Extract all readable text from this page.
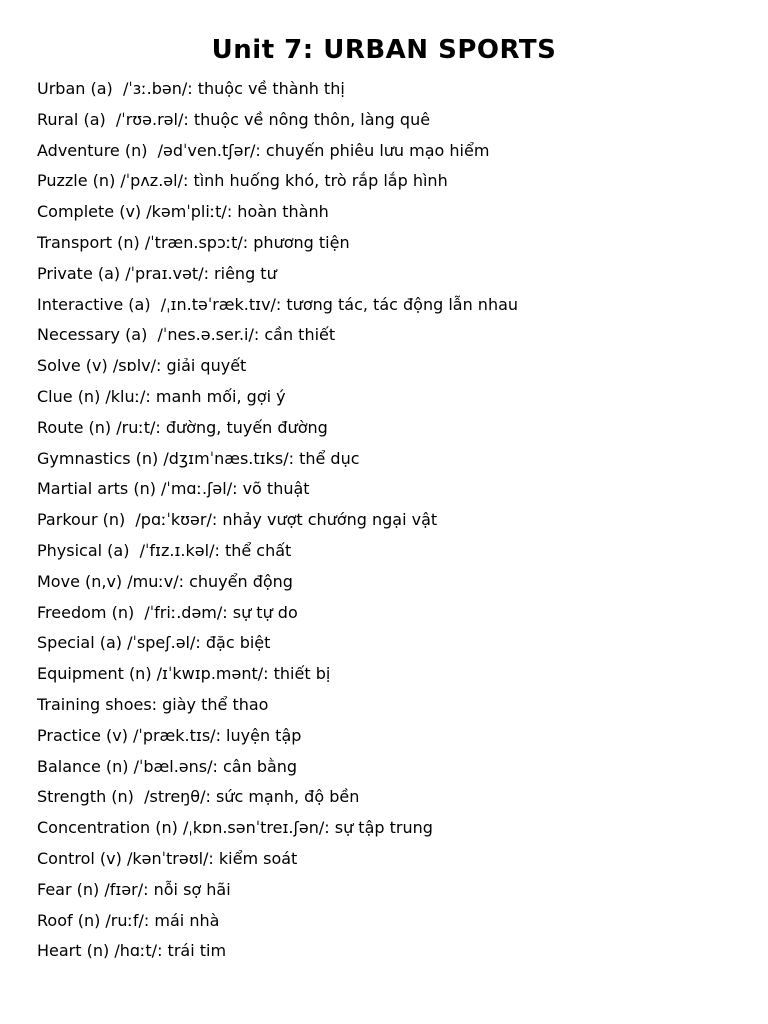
Unit 7: URBAN SPORTS
Urban (a)  /ˈɜː.bən/: thuộc về thành thị
Rural (a)  /ˈrʊə.rəl/: thuộc về nông thôn, làng quê
Adventure (n)  /ədˈven.tʃər/: chuyến phiêu lưu mạo hiểm
Puzzle (n) /ˈpʌz.əl/: tình huống khó, trò rắp lắp hình
Complete (v) /kəmˈpliːt/: hoàn thành
Transport (n) /ˈtræn.spɔːt/: phương tiện
Private (a) /ˈpraɪ.vət/: riêng tư
Interactive (a)  /ˌɪn.təˈræk.tɪv/: tương tác, tác động lẫn nhau
Necessary (a)  /ˈnes.ə.ser.i/: cần thiết
Solve (v) /sɒlv/: giải quyết
Clue (n) /kluː/: manh mối, gợi ý
Route (n) /ruːt/: đường, tuyến đường
Gymnastics (n) /dʒɪmˈnæs.tɪks/: thể dục
Martial arts (n) /ˈmɑː.ʃəl/: võ thuật
Parkour (n)  /pɑːˈkʊər/: nhảy vượt chướng ngại vật
Physical (a)  /ˈfɪz.ɪ.kəl/: thể chất
Move (n,v) /muːv/: chuyển động
Freedom (n)  /ˈfriː.dəm/: sự tự do
Special (a) /ˈspeʃ.əl/: đặc biệt
Equipment (n) /ɪˈkwɪp.mənt/: thiết bị
Training shoes: giày thể thao
Practice (v) /ˈpræk.tɪs/: luyện tập
Balance (n) /ˈbæl.əns/: cân bằng
Strength (n)  /streŋθ/: sức mạnh, độ bền
Concentration (n) /ˌkɒn.sənˈtreɪ.ʃən/: sự tập trung
Control (v) /kənˈtrəʊl/: kiểm soát
Fear (n) /fɪər/: nỗi sợ hãi
Roof (n) /ruːf/: mái nhà
Heart (n) /hɑːt/: trái tim
